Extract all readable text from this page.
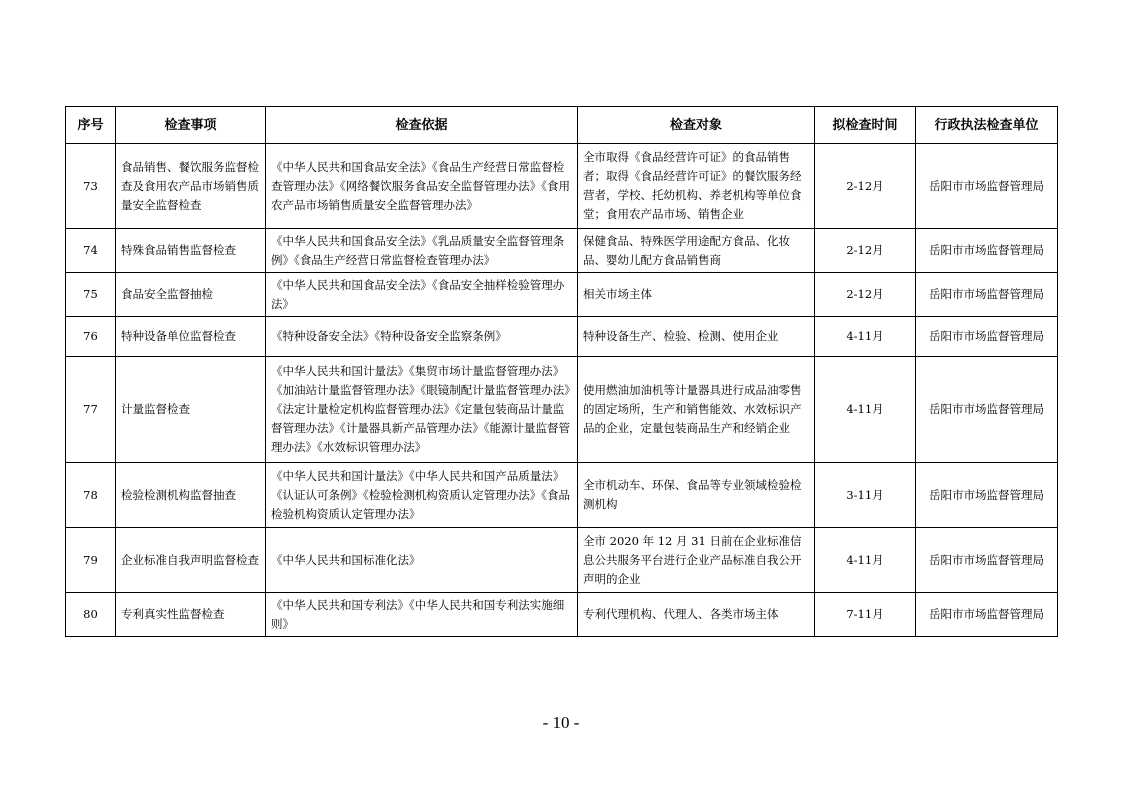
序号	检查事项	检查依据	检查对象	拟检查时间	行政执法检查单位
73	食品销售、餐饮服务监督检查及食用农产品市场销售质量安全监督检查	《中华人民共和国食品安全法》《食品生产经营日常监督检查管理办法》《网络餐饮服务食品安全监督管理办法》《食用农产品市场销售质量安全监督管理办法》	全市取得《食品经营许可证》的食品销售者；取得《食品经营许可证》的餐饮服务经营者，学校、托幼机构、养老机构等单位食堂；食用农产品市场、销售企业	2-12月	岳阳市市场监督管理局
74	特殊食品销售监督检查	《中华人民共和国食品安全法》《乳品质量安全监督管理条例》《食品生产经营日常监督检查管理办法》	保健食品、特殊医学用途配方食品、化妆品、婴幼儿配方食品销售商	2-12月	岳阳市市场监督管理局
75	食品安全监督抽检	《中华人民共和国食品安全法》《食品安全抽样检验管理办法》	相关市场主体	2-12月	岳阳市市场监督管理局
76	特种设备单位监督检查	《特种设备安全法》《特种设备安全监察条例》	特种设备生产、检验、检测、使用企业	4-11月	岳阳市市场监督管理局
77	计量监督检查	《中华人民共和国计量法》《集贸市场计量监督管理办法》《加油站计量监督管理办法》《眼镜制配计量监督管理办法》《法定计量检定机构监督管理办法》《定量包装商品计量监督管理办法》《计量器具新产品管理办法》《能源计量监督管理办法》《水效标识管理办法》	使用燃油加油机等计量器具进行成品油零售的固定场所，生产和销售能效、水效标识产品的企业，定量包装商品生产和经销企业	4-11月	岳阳市市场监督管理局
78	检验检测机构监督抽查	《中华人民共和国计量法》《中华人民共和国产品质量法》《认证认可条例》《检验检测机构资质认定管理办法》《食品检验机构资质认定管理办法》	全市机动车、环保、食品等专业领域检验检测机构	3-11月	岳阳市市场监督管理局
79	企业标准自我声明监督检查	《中华人民共和国标准化法》	全市 2020 年 12 月 31 日前在企业标准信息公共服务平台进行企业产品标准自我公开声明的企业	4-11月	岳阳市市场监督管理局
80	专利真实性监督检查	《中华人民共和国专利法》《中华人民共和国专利法实施细则》	专利代理机构、代理人、各类市场主体	7-11月	岳阳市市场监督管理局
- 10 -
